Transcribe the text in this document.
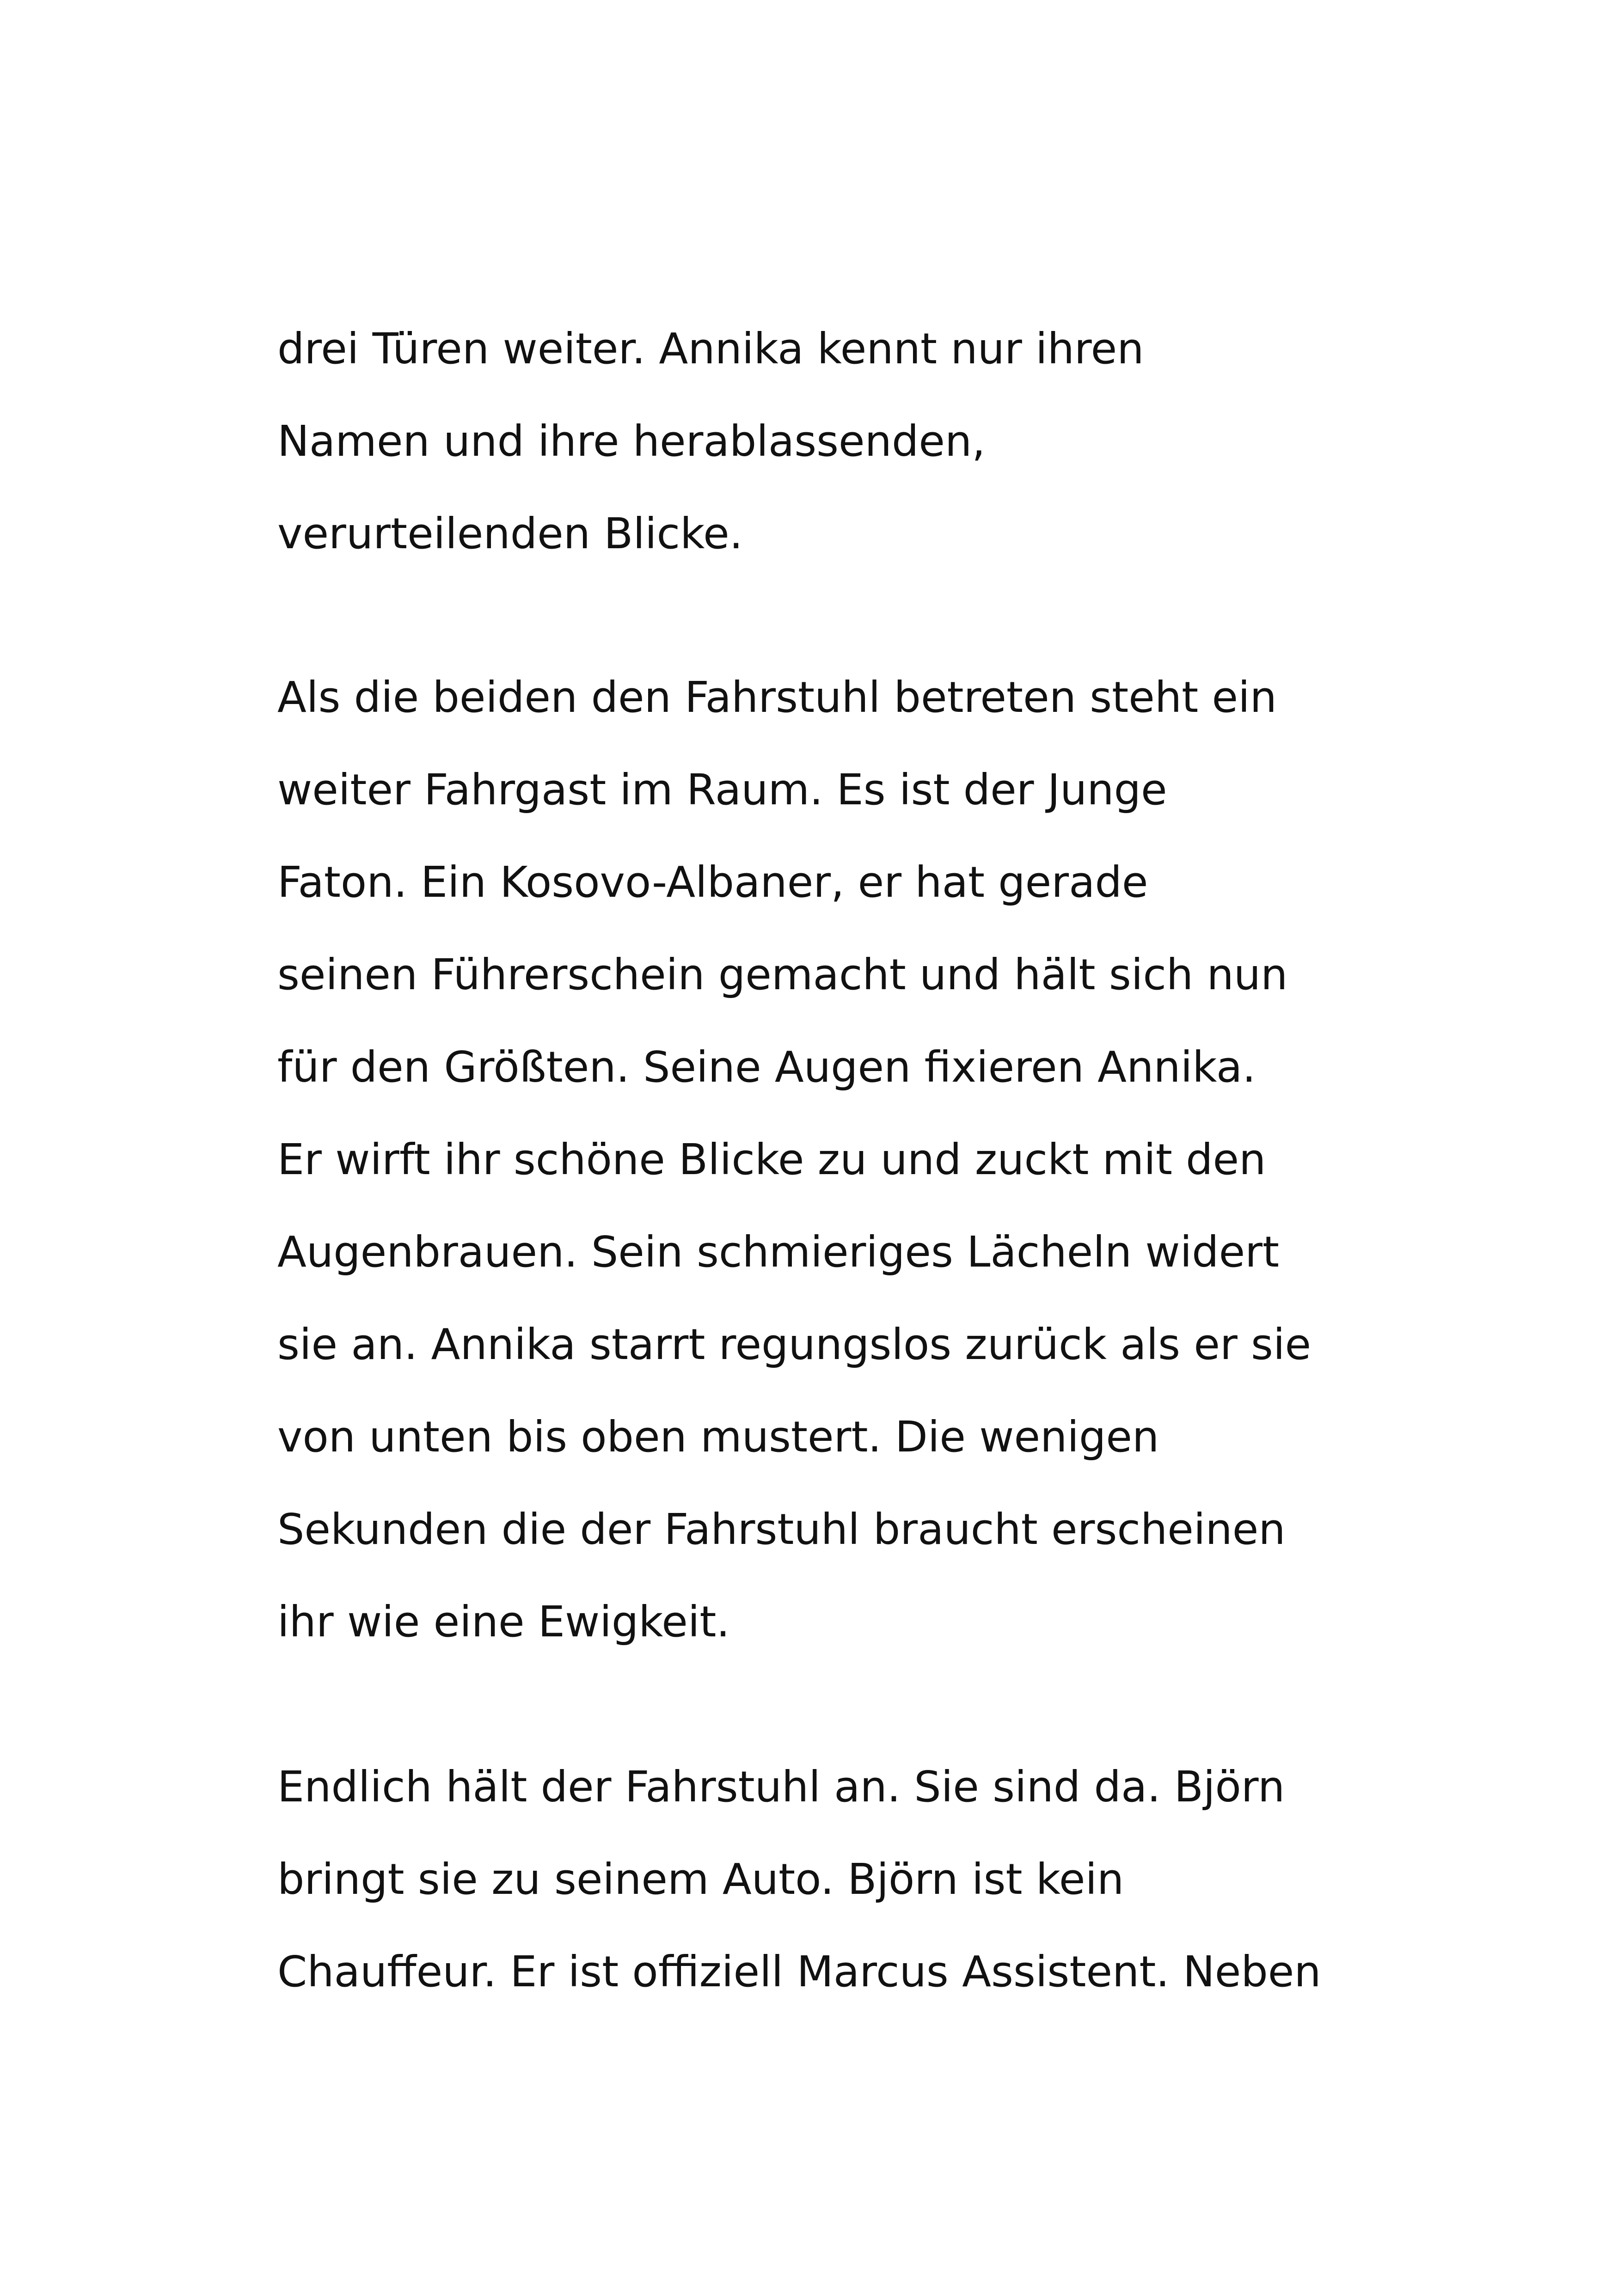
drei Türen weiter. Annika kennt nur ihren
Namen und ihre herablassenden,
verurteilenden Blicke.
Als die beiden den Fahrstuhl betreten steht ein
weiter Fahrgast im Raum. Es ist der Junge
Faton. Ein Kosovo-Albaner, er hat gerade
seinen Führerschein gemacht und hält sich nun
für den Größten. Seine Augen fixieren Annika.
Er wirft ihr schöne Blicke zu und zuckt mit den
Augenbrauen. Sein schmieriges Lächeln widert
sie an. Annika starrt regungslos zurück als er sie
von unten bis oben mustert. Die wenigen
Sekunden die der Fahrstuhl braucht erscheinen
ihr wie eine Ewigkeit.
Endlich hält der Fahrstuhl an. Sie sind da. Björn
bringt sie zu seinem Auto. Björn ist kein
Chauffeur. Er ist offiziell Marcus Assistent. Neben
